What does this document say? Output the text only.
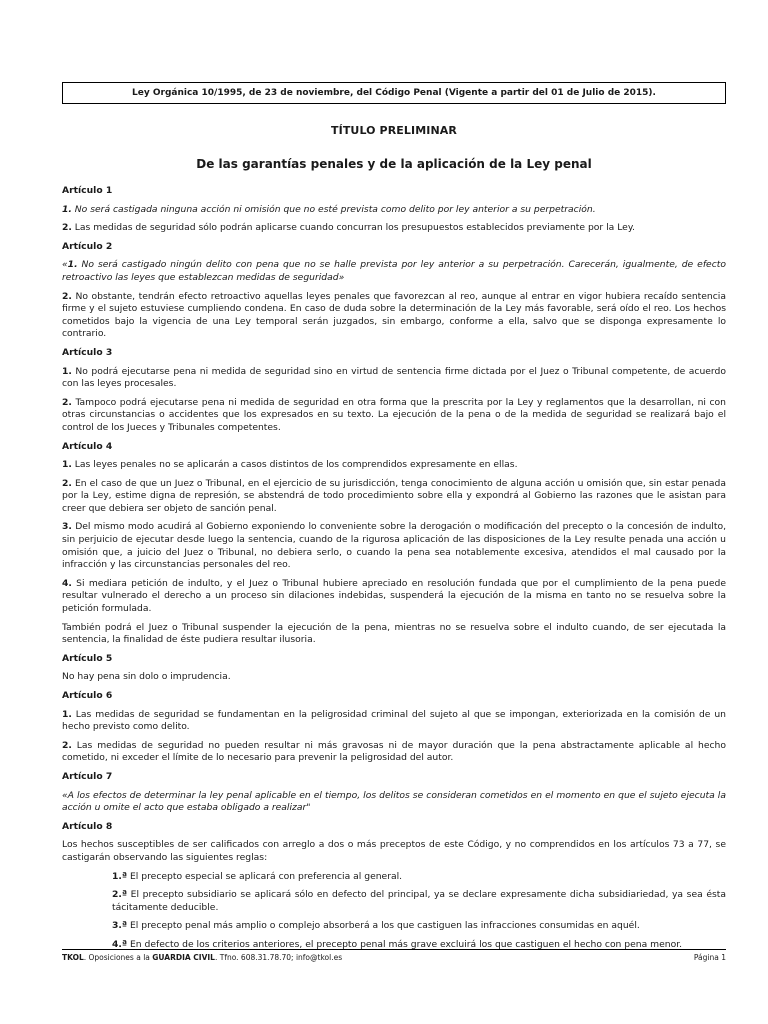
Ley Orgánica 10/1995, de 23 de noviembre, del Código Penal (Vigente a partir del 01 de Julio de 2015).
TÍTULO PRELIMINAR
De las garantías penales y de la aplicación de la Ley penal
Artículo 1

1. No será castigada ninguna acción ni omisión que no esté prevista como delito por ley anterior a su perpetración.

2. Las medidas de seguridad sólo podrán aplicarse cuando concurran los presupuestos establecidos previamente por la Ley.

Artículo 2

«1. No será castigado ningún delito con pena que no se halle prevista por ley anterior a su perpetración. Carecerán, igualmente, de efecto retroactivo las leyes que establezcan medidas de seguridad»

2. No obstante, tendrán efecto retroactivo aquellas leyes penales que favorezcan al reo, aunque al entrar en vigor hubiera recaído sentencia firme y el sujeto estuviese cumpliendo condena. En caso de duda sobre la determinación de la Ley más favorable, será oído el reo. Los hechos cometidos bajo la vigencia de una Ley temporal serán juzgados, sin embargo, conforme a ella, salvo que se disponga expresamente lo contrario.

Artículo 3

1. No podrá ejecutarse pena ni medida de seguridad sino en virtud de sentencia firme dictada por el Juez o Tribunal competente, de acuerdo con las leyes procesales.

2. Tampoco podrá ejecutarse pena ni medida de seguridad en otra forma que la prescrita por la Ley y reglamentos que la desarrollan, ni con otras circunstancias o accidentes que los expresados en su texto. La ejecución de la pena o de la medida de seguridad se realizará bajo el control de los Jueces y Tribunales competentes.

Artículo 4

1. Las leyes penales no se aplicarán a casos distintos de los comprendidos expresamente en ellas.

2. En el caso de que un Juez o Tribunal, en el ejercicio de su jurisdicción, tenga conocimiento de alguna acción u omisión que, sin estar penada por la Ley, estime digna de represión, se abstendrá de todo procedimiento sobre ella y expondrá al Gobierno las razones que le asistan para creer que debiera ser objeto de sanción penal.

3. Del mismo modo acudirá al Gobierno exponiendo lo conveniente sobre la derogación o modificación del precepto o la concesión de indulto, sin perjuicio de ejecutar desde luego la sentencia, cuando de la rigurosa aplicación de las disposiciones de la Ley resulte penada una acción u omisión que, a juicio del Juez o Tribunal, no debiera serlo, o cuando la pena sea notablemente excesiva, atendidos el mal causado por la infracción y las circunstancias personales del reo.

4. Si mediara petición de indulto, y el Juez o Tribunal hubiere apreciado en resolución fundada que por el cumplimiento de la pena puede resultar vulnerado el derecho a un proceso sin dilaciones indebidas, suspenderá la ejecución de la misma en tanto no se resuelva sobre la petición formulada.

También podrá el Juez o Tribunal suspender la ejecución de la pena, mientras no se resuelva sobre el indulto cuando, de ser ejecutada la sentencia, la finalidad de éste pudiera resultar ilusoria.

Artículo 5

No hay pena sin dolo o imprudencia.

Artículo 6

1. Las medidas de seguridad se fundamentan en la peligrosidad criminal del sujeto al que se impongan, exteriorizada en la comisión de un hecho previsto como delito.

2. Las medidas de seguridad no pueden resultar ni más gravosas ni de mayor duración que la pena abstractamente aplicable al hecho cometido, ni exceder el límite de lo necesario para prevenir la peligrosidad del autor.

Artículo 7

«A los efectos de determinar la ley penal aplicable en el tiempo, los delitos se consideran cometidos en el momento en que el sujeto ejecuta la acción u omite el acto que estaba obligado a realizar"

Artículo 8

Los hechos susceptibles de ser calificados con arreglo a dos o más preceptos de este Código, y no comprendidos en los artículos 73 a 77, se castigarán observando las siguientes reglas:

1.ª El precepto especial se aplicará con preferencia al general.

2.ª El precepto subsidiario se aplicará sólo en defecto del principal, ya se declare expresamente dicha subsidiariedad, ya sea ésta tácitamente deducible.

3.ª El precepto penal más amplio o complejo absorberá a los que castiguen las infracciones consumidas en aquél.

4.ª En defecto de los criterios anteriores, el precepto penal más grave excluirá los que castiguen el hecho con pena menor.

TKOL. Oposiciones a la GUARDIA CIVIL. Tfno. 608.31.78.70; info@tkol.es	Página 1
